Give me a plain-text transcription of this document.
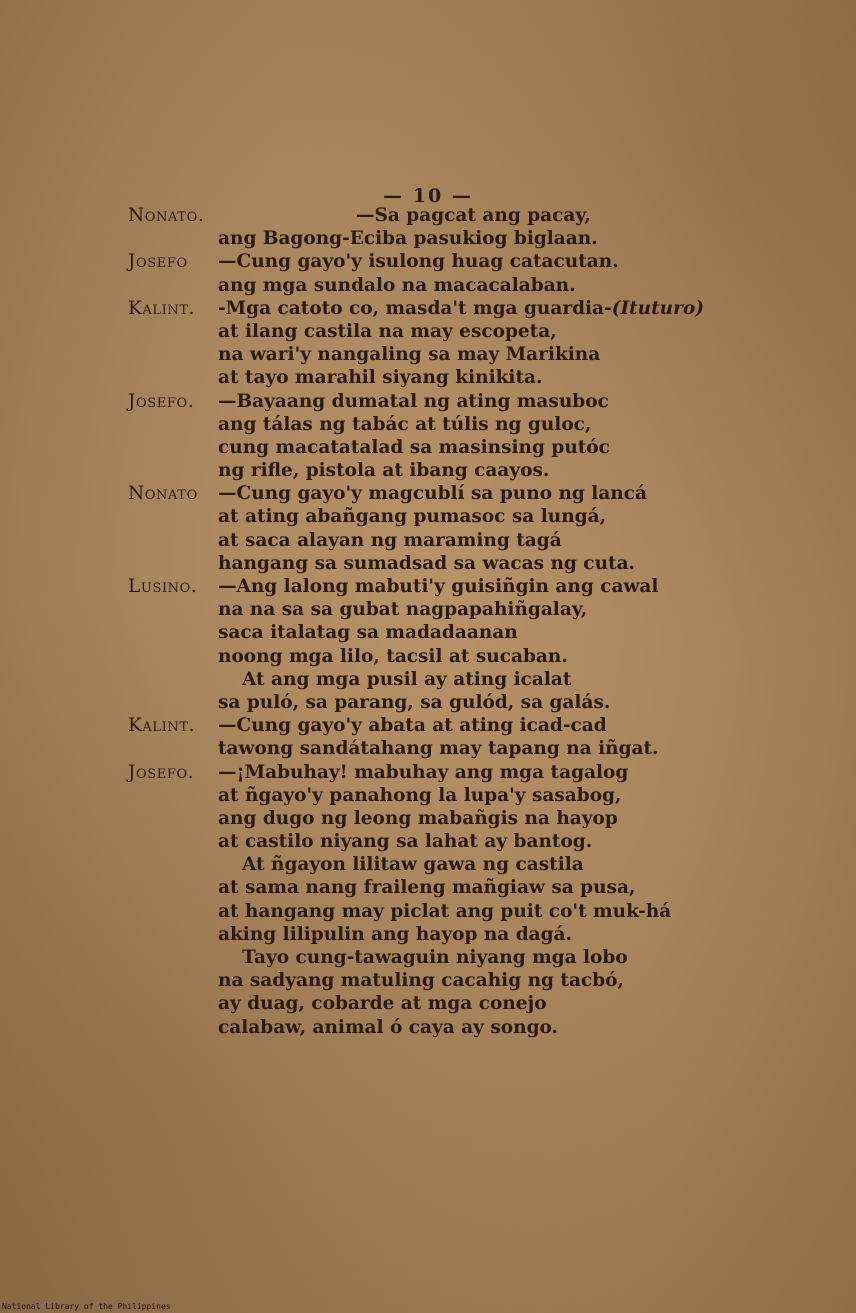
— 10 —
Nonato.	—Sa pagcat ang pacay,
ang Bagong-Eciba pasukiog biglaan.
Josefo —Cung gayo'y isulong huag catacutan.
ang mga sundalo na macacalaban.
Kalint. -Mga catoto co, masda't mga guardia-(Ituturo)
at ilang castila na may escopeta,
na wari'y nangaling sa may Marikina
at tayo marahil siyang kinikita.
Josefo. —Bayaang dumatal ng ating masuboc
ang tálas ng tabác at túlis ng guloc,
cung macatatalad sa masinsing putóc
ng rifle, pistola at ibang caayos.
Nonato —Cung gayo'y magcublí sa puno ng lancá
at ating abañgang pumasoc sa lungá,
at saca alayan ng maraming tagá
hangang sa sumadsad sa wacas ng cuta.
Lusino. —Ang lalong mabuti'y guisiñgin ang cawal
na na sa sa gubat nagpapahiñgalay,
saca italatag sa madadaanan
noong mga lilo, tacsil at sucaban.
At ang mga pusil ay ating icalat
sa puló, sa parang, sa gulód, sa galás.
Kalint. —Cung gayo'y abata at ating icad-cad
tawong sandátahang may tapang na iñgat.
Josefo. —¡Mabuhay! mabuhay ang mga tagalog
at ñgayo'y panahong la lupa'y sasabog,
ang dugo ng leong mabañgis na hayop
at castilo niyang sa lahat ay bantog.
At ñgayon lilitaw gawa ng castila
at sama nang fraileng mañgiaw sa pusa,
at hangang may piclat ang puit co't muk-há
aking lilipulin ang hayop na dagá.
Tayo cung-tawaguin niyang mga lobo
na sadyang matuling cacahig ng tacbó,
ay duag, cobarde at mga conejo
calabaw, animal ó caya ay songo.
National Library of the Philippines
